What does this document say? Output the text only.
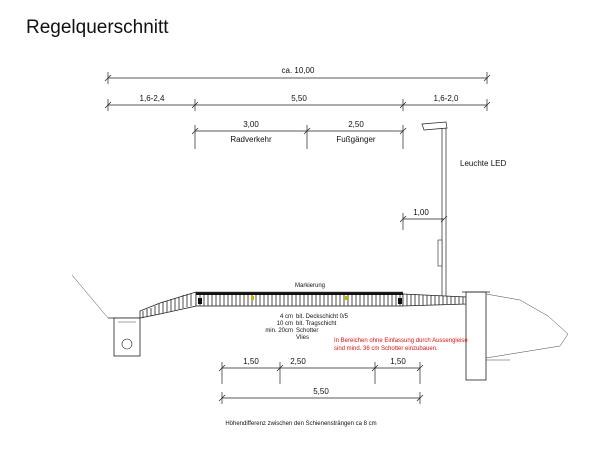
Regelquerschnitt
ca. 10,00
1,6-2,4	5,50	1,6-2,0
3,00	2,50
Radverkehr	Fußgänger
Leuchte LED
1,00
Markierung
4 cm bit. Deckschicht 0/5
10 cm bit. Tragschicht
min. 20cm Schotter
Vlies	In Bereichen ohne Einfassung durch Aussengleise
sind mind. 36 cm Schotter einzubauen.
1,50	2,50	1,50
5,50
Höhendifferenz zwischen den Schienensträngen ca 8 cm
